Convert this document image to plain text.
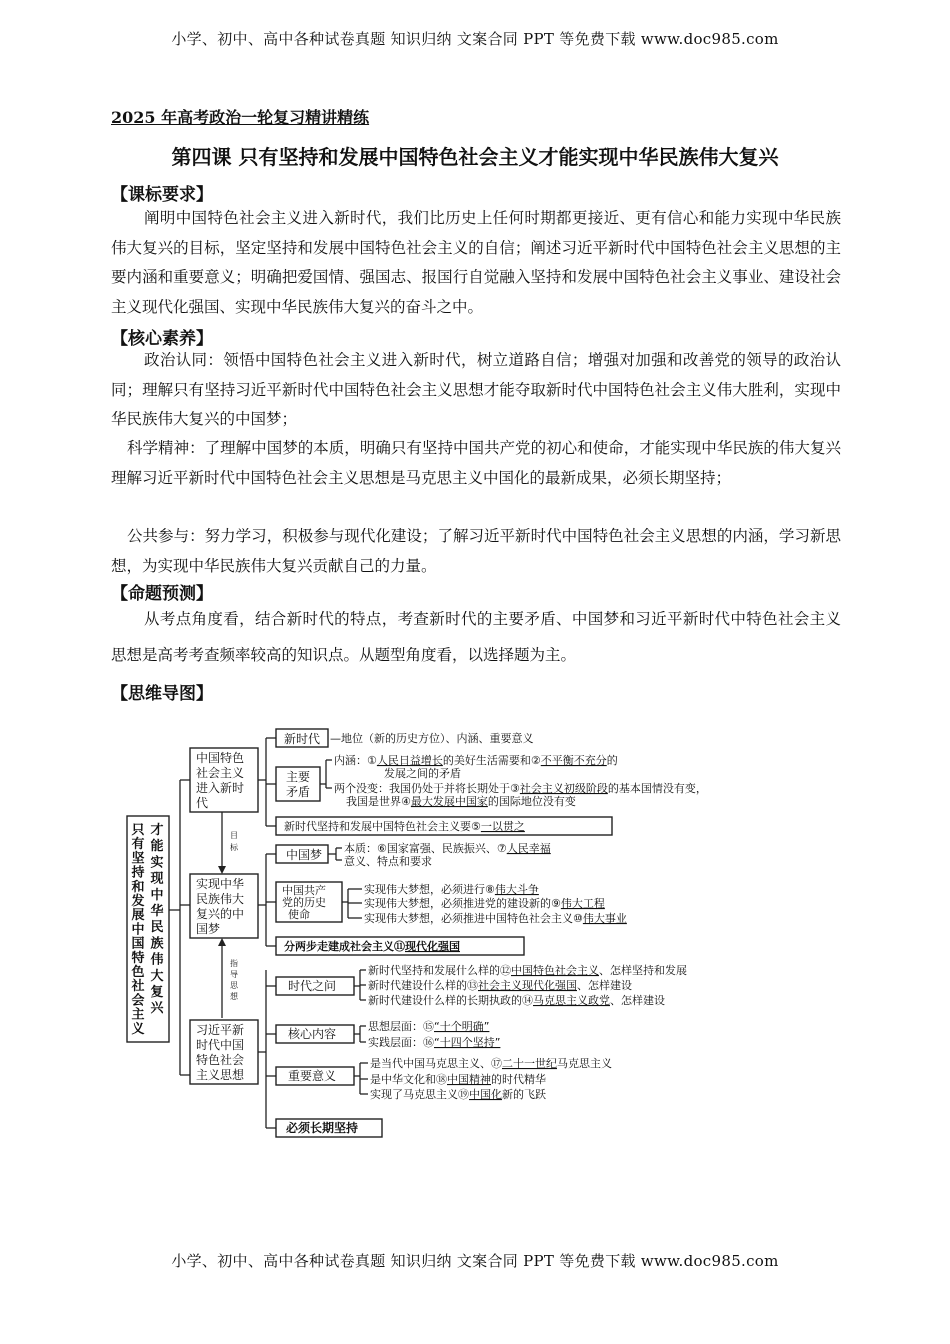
小学、初中、高中各种试卷真题 知识归纳 文案合同 PPT 等免费下载 www.doc985.com
2025 年高考政治一轮复习精讲精练
第四课 只有坚持和发展中国特色社会主义才能实现中华民族伟大复兴
【课标要求】

阐明中国特色社会主义进入新时代，我们比历史上任何时期都更接近、更有信心和能力实现中华民族伟大复兴的目标，坚定坚持和发展中国特色社会主义的自信；阐述习近平新时代中国特色社会主义思想的主要内涵和重要意义；明确把爱国情、强国志、报国行自觉融入坚持和发展中国特色社会主义事业、建设社会主义现代化强国、实现中华民族伟大复兴的奋斗之中。

【核心素养】

政治认同：领悟中国特色社会主义进入新时代，树立道路自信；增强对加强和改善党的领导的政治认同；理解只有坚持习近平新时代中国特色社会主义思想才能夺取新时代中国特色社会主义伟大胜利，实现中华民族伟大复兴的中国梦；

科学精神：了理解中国梦的本质，明确只有坚持中国共产党的初心和使命，才能实现中华民族的伟大复兴理解习近平新时代中国特色社会主义思想是马克思主义中国化的最新成果，必须长期坚持；

公共参与：努力学习，积极参与现代化建设；了解习近平新时代中国特色社会主义思想的内涵，学习新思想，为实现中华民族伟大复兴贡献自己的力量。

【命题预测】

从考点角度看，结合新时代的特点，考查新时代的主要矛盾、中国梦和习近平新时代中特色社会主义思想是高考考查频率较高的知识点。从题型角度看，以选择题为主。

【思维导图】
只有坚持和发展中国特色社会主义
才能实现中华民族伟大复兴
中国特色 社会主义 进入新时 代
实现中华 民族伟大 复兴的中 国梦
习近平新 时代中国 特色社会 主义思想
目 标
指 导 思 想
新时代 —地位（新的历史方位）、内涵、重要意义
主要 矛盾
内涵：①人民日益增长的美好生活需要和②不平衡不充分的
发展之间的矛盾
两个没变：我国仍处于并将长期处于③社会主义初级阶段的基本国情没有变，
我国是世界④最大发展中国家的国际地位没有变
新时代坚持和发展中国特色社会主义要⑤一以贯之
中国梦 本质：⑥国家富强、民族振兴、⑦人民幸福
意义、特点和要求
中国共产 党的历史 使命
实现伟大梦想，必须进行⑧伟大斗争
实现伟大梦想，必须推进党的建设新的⑨伟大工程
实现伟大梦想，必须推进中国特色社会主义⑩伟大事业
分两步走建成社会主义⑪现代化强国
时代之问
新时代坚持和发展什么样的⑫中国特色社会主义、怎样坚持和发展
新时代建设什么样的⑬社会主义现代化强国、怎样建设
新时代建设什么样的长期执政的⑭马克思主义政党、怎样建设
核心内容
思想层面：⑮“十个明确”
实践层面：⑯“十四个坚持”
重要意义
是当代中国马克思主义、⑰二十一世纪马克思主义
是中华文化和⑱中国精神的时代精华
实现了马克思主义⑲中国化新的飞跃
必须长期坚持
小学、初中、高中各种试卷真题 知识归纳 文案合同 PPT 等免费下载 www.doc985.com
